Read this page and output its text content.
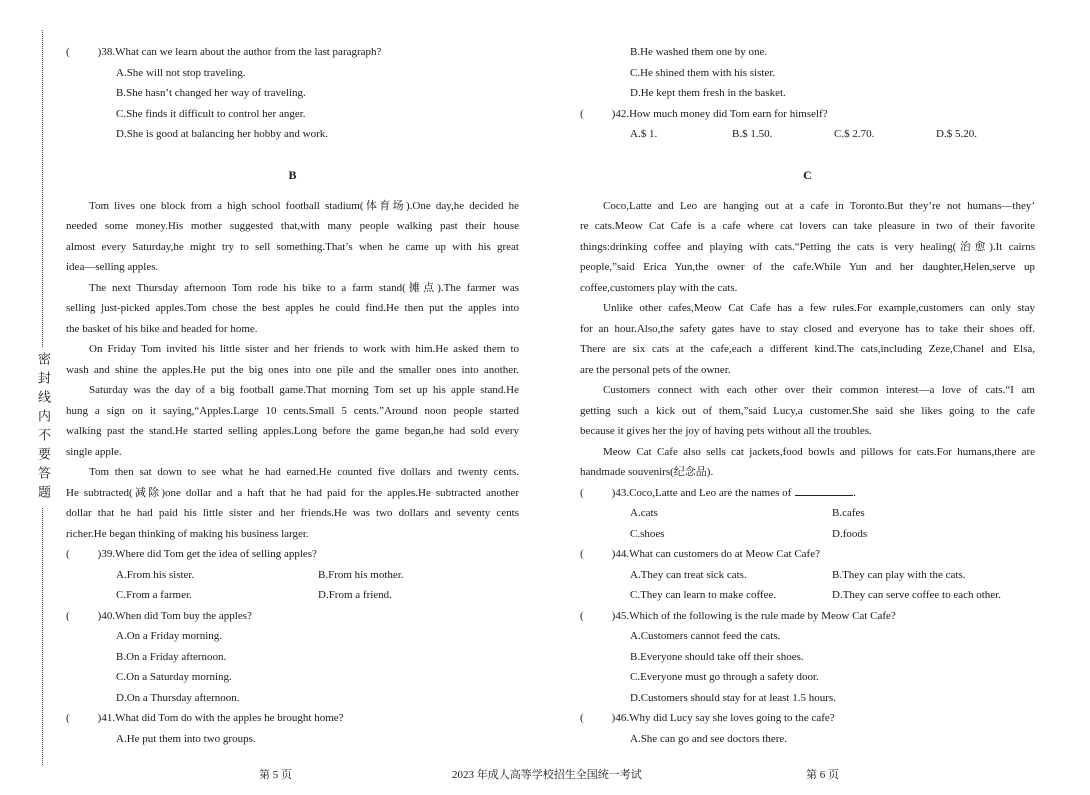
密封线内不要答题
(	)38.What can we learn about the author from the last paragraph?
A.She will not stop traveling.
B.She hasn’t changed her way of traveling.
C.She finds it difficult to control her anger.
D.She is good at balancing her hobby and work.
B
Tom lives one block from a high school football stadium(体育场).One day,he decided he
needed some money.His mother suggested that,with many people walking past their house
almost every Saturday,he might try to sell something.That’s when he came up with his great
idea—selling apples.
The next Thursday afternoon Tom rode his bike to a farm stand(摊点).The farmer was
selling just-picked apples.Tom chose the best apples he could find.He then put the apples into
the basket of his bike and headed for home.
On Friday Tom invited his little sister and her friends to work with him.He asked them to
wash and shine the apples.He put the big ones into one pile and the smaller ones into another.
Saturday was the day of a big football game.That morning Tom set up his apple stand.He
hung a sign on it saying,“Apples.Large 10 cents.Small 5 cents.”Around noon people started
walking past the stand.He started selling apples.Long before the game began,he had sold every
single apple.
Tom then sat down to see what he had earned.He counted five dollars and twenty cents.
He subtracted(减除)one dollar and a haft that he had paid for the apples.He subtracted another
dollar that he had paid his little sister and her friends.He was two dollars and seventy cents
richer.He began thinking of making his business larger.
(	)39.Where did Tom get the idea of selling apples?
A.From his sister.	B.From his mother.
C.From a farmer.	D.From a friend.
(	)40.When did Tom buy the apples?
A.On a Friday morning.
B.On a Friday afternoon.
C.On a Saturday morning.
D.On a Thursday afternoon.
(	)41.What did Tom do with the apples he brought home?
A.He put them into two groups.
B.He washed them one by one.
C.He shined them with his sister.
D.He kept them fresh in the basket.
(	)42.How much money did Tom earn for himself?
A.$ 1.	B.$ 1.50.	C.$ 2.70.	D.$ 5.20.
C
Coco,Latte and Leo are hanging out at a cafe in Toronto.But they’re not humans—they’
re cats.Meow Cat Cafe is a cafe where cat lovers can take pleasure in two of their favorite
things:drinking coffee and playing with cats.“Petting the cats is very healing(治愈).It cairns
people,”said Erica Yun,the owner of the cafe.While Yun and her daughter,Helen,serve up
coffee,customers play with the cats.
Unlike other cafes,Meow Cat Cafe has a few rules.For example,customers can only stay
for an hour.Also,the safety gates have to stay closed and everyone has to take their shoes off.
There are six cats at the cafe,each a different kind.The cats,including Zeze,Chanel and Elsa,
are the personal pets of the owner.
Customers connect with each other over their common interest—a love of cats.“I am
getting such a kick out of them,”said Lucy,a customer.She said she likes going to the cafe
because it gives her the joy of having pets without all the troubles.
Meow Cat Cafe also sells cat jackets,food bowls and pillows for cats.For humans,there are
handmade souvenirs(纪念品).
(	)43.Coco,Latte and Leo are the names of	.
A.cats	B.cafes
C.shoes	D.foods
(	)44.What can customers do at Meow Cat Cafe?
A.They can treat sick cats.	B.They can play with the cats.
C.They can learn to make coffee.	D.They can serve coffee to each other.
(	)45.Which of the following is the rule made by Meow Cat Cafe?
A.Customers cannot feed the cats.
B.Everyone should take off their shoes.
C.Everyone must go through a safety door.
D.Customers should stay for at least 1.5 hours.
(	)46.Why did Lucy say she loves going to the cafe?
A.She can go and see doctors there.
第 5 页	2023 年成人高等学校招生全国统一考试	第 6 页
